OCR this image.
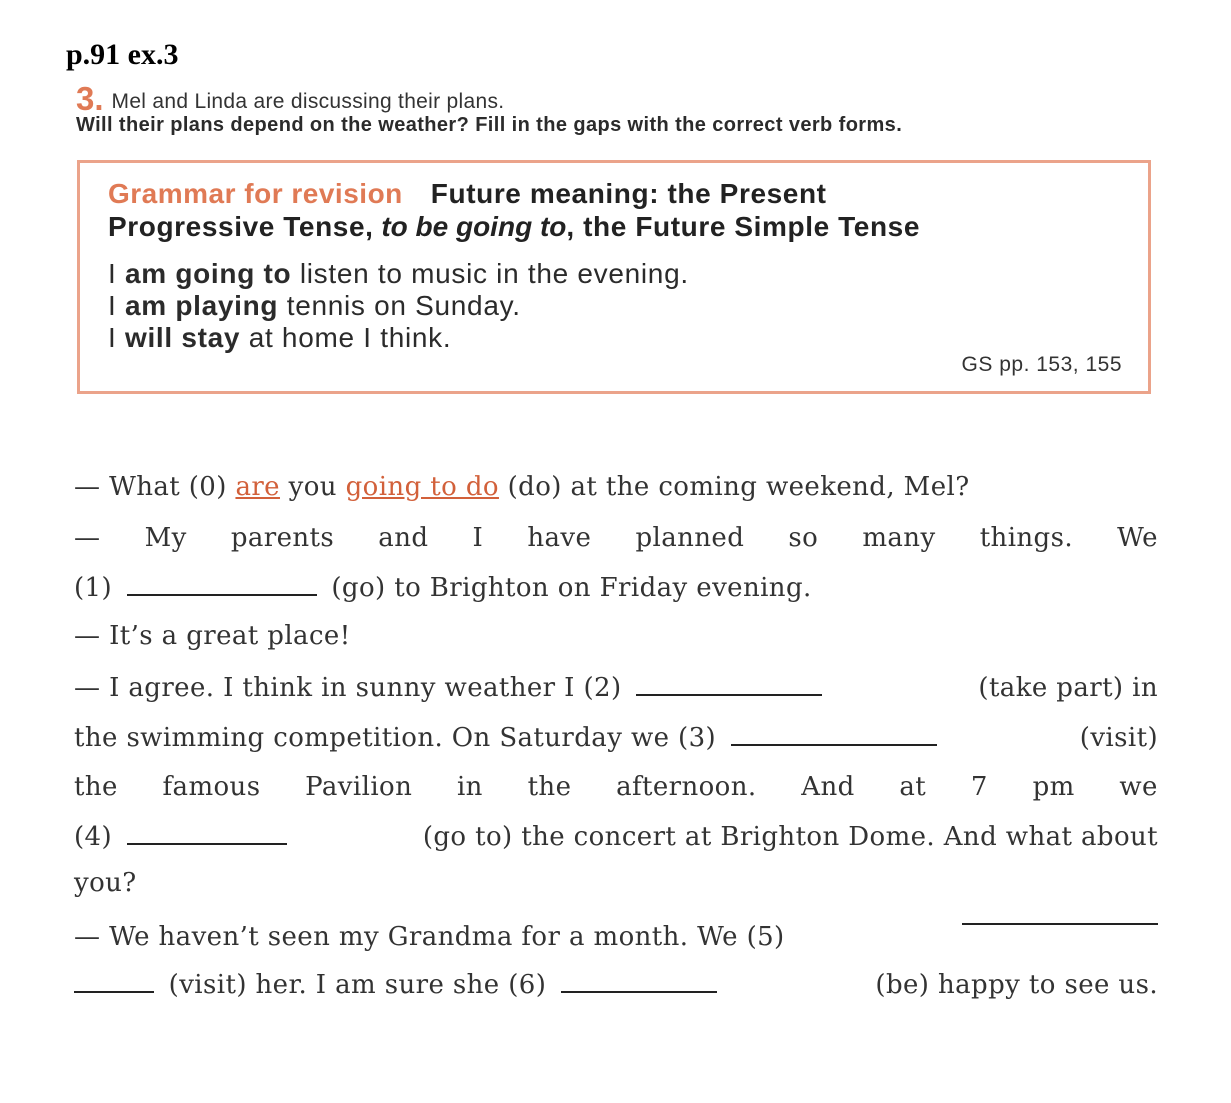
p.91 ex.3
3. Mel and Linda are discussing their plans.
Will their plans depend on the weather? Fill in the gaps with the correct verb forms.
Grammar for revision Future meaning: the Present
Progressive Tense, to be going to, the Future Simple Tense
I am going to listen to music in the evening.
I am playing tennis on Sunday.
I will stay at home I think.
GS pp. 153, 155
— What (0) are you going to do (do) at the coming weekend, Mel?
— My parents and I have planned so many things. We
(1)	(go) to Brighton on Friday evening.
— It’s a great place!
— I agree. I think in sunny weather I (2)	(take part) in
the swimming competition. On Saturday we (3)	(visit)
the famous Pavilion in the afternoon. And at 7 pm we
(4)	(go to) the concert at Brighton Dome. And what about
you?
— We haven’t seen my Grandma for a month. We (5)
(visit) her. I am sure she (6)	(be) happy to see us.
